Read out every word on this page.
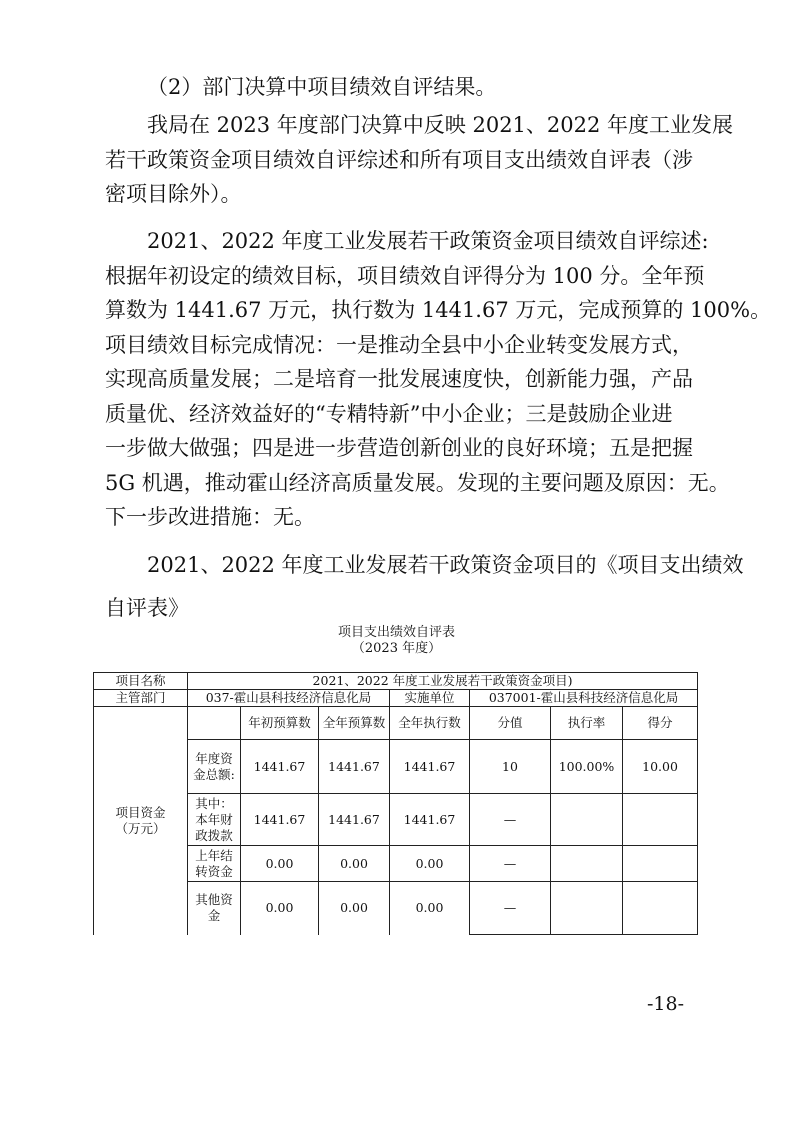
（2）部门决算中项目绩效自评结果。

我局在 2023 年度部门决算中反映 2021、2022 年度工业发展
若干政策资金项目绩效自评综述和所有项目支出绩效自评表（涉
密项目除外）。

2021、2022 年度工业发展若干政策资金项目绩效自评综述:
根据年初设定的绩效目标，项目绩效自评得分为 100 分。全年预
算数为 1441.67 万元，执行数为 1441.67 万元，完成预算的 100%。
项目绩效目标完成情况：一是推动全县中小企业转变发展方式，
实现高质量发展；二是培育一批发展速度快，创新能力强，产品
质量优、经济效益好的“专精特新”中小企业；三是鼓励企业进
一步做大做强；四是进一步营造创新创业的良好环境；五是把握
5G 机遇，推动霍山经济高质量发展。发现的主要问题及原因：无。
下一步改进措施：无。

2021、2022 年度工业发展若干政策资金项目的《项目支出绩效
自评表》

项目支出绩效自评表
（2023 年度）
项目名称	2021、2022 年度工业发展若干政策资金项目)						
主管部门	037-霍山县科技经济信息化局			实施单位	037001-霍山县科技经济信息化局		
项目资金（万元）		年初预算数	全年预算数	全年执行数	分值	执行率	得分
	年度资金总额:	1441.67	1441.67	1441.67	10	100.00%	10.00
	其中：本年财政拨款	1441.67	1441.67	1441.67	—		
	上年结转资金	0.00	0.00	0.00	—		
	其他资金	0.00	0.00	0.00	—		
-18-
